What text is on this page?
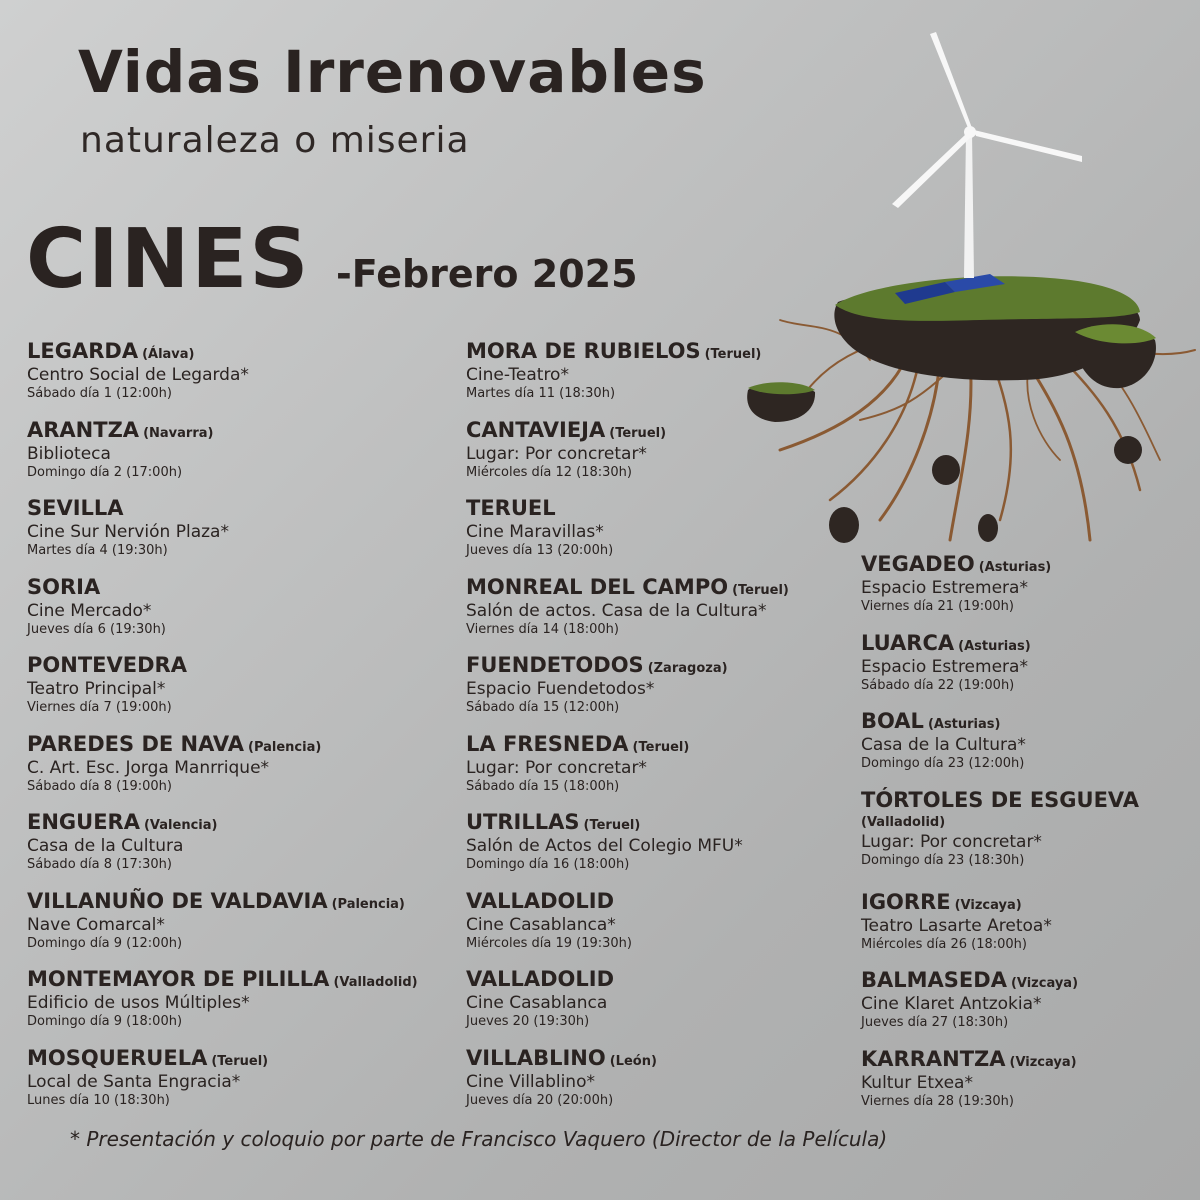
Vidas Irrenovables
naturaleza o miseria
CINES -Febrero 2025
LEGARDA (Álava)
Centro Social de Legarda*
Sábado día 1 (12:00h)
ARANTZA (Navarra)
Biblioteca
Domingo día 2 (17:00h)
SEVILLA
Cine Sur Nervión Plaza*
Martes día 4 (19:30h)
SORIA
Cine Mercado*
Jueves día 6 (19:30h)
PONTEVEDRA
Teatro Principal*
Viernes día 7 (19:00h)
PAREDES DE NAVA (Palencia)
C. Art. Esc. Jorga Manrrique*
Sábado día 8 (19:00h)
ENGUERA (Valencia)
Casa de la Cultura
Sábado día 8 (17:30h)
VILLANUÑO DE VALDAVIA (Palencia)
Nave Comarcal*
Domingo día 9 (12:00h)
MONTEMAYOR DE PILILLA (Valladolid)
Edificio de usos Múltiples*
Domingo día 9 (18:00h)
MOSQUERUELA (Teruel)
Local de Santa Engracia*
Lunes día 10 (18:30h)
MORA DE RUBIELOS (Teruel)
Cine-Teatro*
Martes día 11 (18:30h)
CANTAVIEJA (Teruel)
Lugar: Por concretar*
Miércoles día 12 (18:30h)
TERUEL
Cine Maravillas*
Jueves día 13 (20:00h)
MONREAL DEL CAMPO (Teruel)
Salón de actos. Casa de la Cultura*
Viernes día 14 (18:00h)
FUENDETODOS (Zaragoza)
Espacio Fuendetodos*
Sábado día 15 (12:00h)
LA FRESNEDA (Teruel)
Lugar: Por concretar*
Sábado día 15 (18:00h)
UTRILLAS (Teruel)
Salón de Actos del Colegio MFU*
Domingo día 16 (18:00h)
VALLADOLID
Cine Casablanca*
Miércoles día 19 (19:30h)
VALLADOLID
Cine Casablanca
Jueves 20 (19:30h)
VILLABLINO (León)
Cine Villablino*
Jueves día 20 (20:00h)
VEGADEO (Asturias)
Espacio Estremera*
Viernes día 21 (19:00h)
LUARCA (Asturias)
Espacio Estremera*
Sábado día 22 (19:00h)
BOAL (Asturias)
Casa de la Cultura*
Domingo día 23 (12:00h)
TÓRTOLES DE ESGUEVA
(Valladolid)
Lugar: Por concretar*
Domingo día 23 (18:30h)
IGORRE (Vizcaya)
Teatro Lasarte Aretoa*
Miércoles día 26 (18:00h)
BALMASEDA (Vizcaya)
Cine Klaret Antzokia*
Jueves día 27 (18:30h)
KARRANTZA (Vizcaya)
Kultur Etxea*
Viernes día 28 (19:30h)
* Presentación y coloquio por parte de Francisco Vaquero (Director de la Película)
